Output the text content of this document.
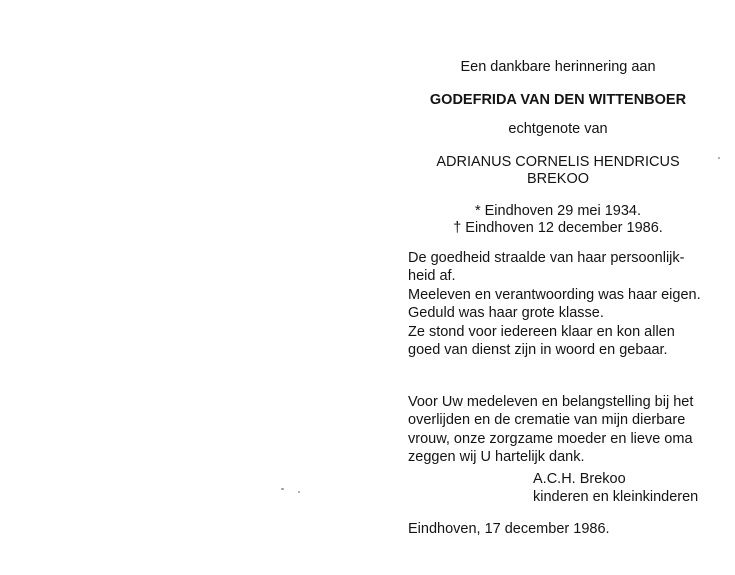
Een dankbare herinnering aan
GODEFRIDA VAN DEN WITTENBOER
echtgenote van
ADRIANUS CORNELIS HENDRICUS
BREKOO
* Eindhoven 29 mei 1934.
† Eindhoven 12 december 1986.
De goedheid straalde van haar persoonlijk-
heid af.
Meeleven en verantwoording was haar eigen.
Geduld was haar grote klasse.
Ze stond voor iedereen klaar en kon allen
goed van dienst zijn in woord en gebaar.
Voor Uw medeleven en belangstelling bij het
overlijden en de crematie van mijn dierbare
vrouw, onze zorgzame moeder en lieve oma
zeggen wij U hartelijk dank.
A.C.H. Brekoo
kinderen en kleinkinderen
Eindhoven, 17 december 1986.
